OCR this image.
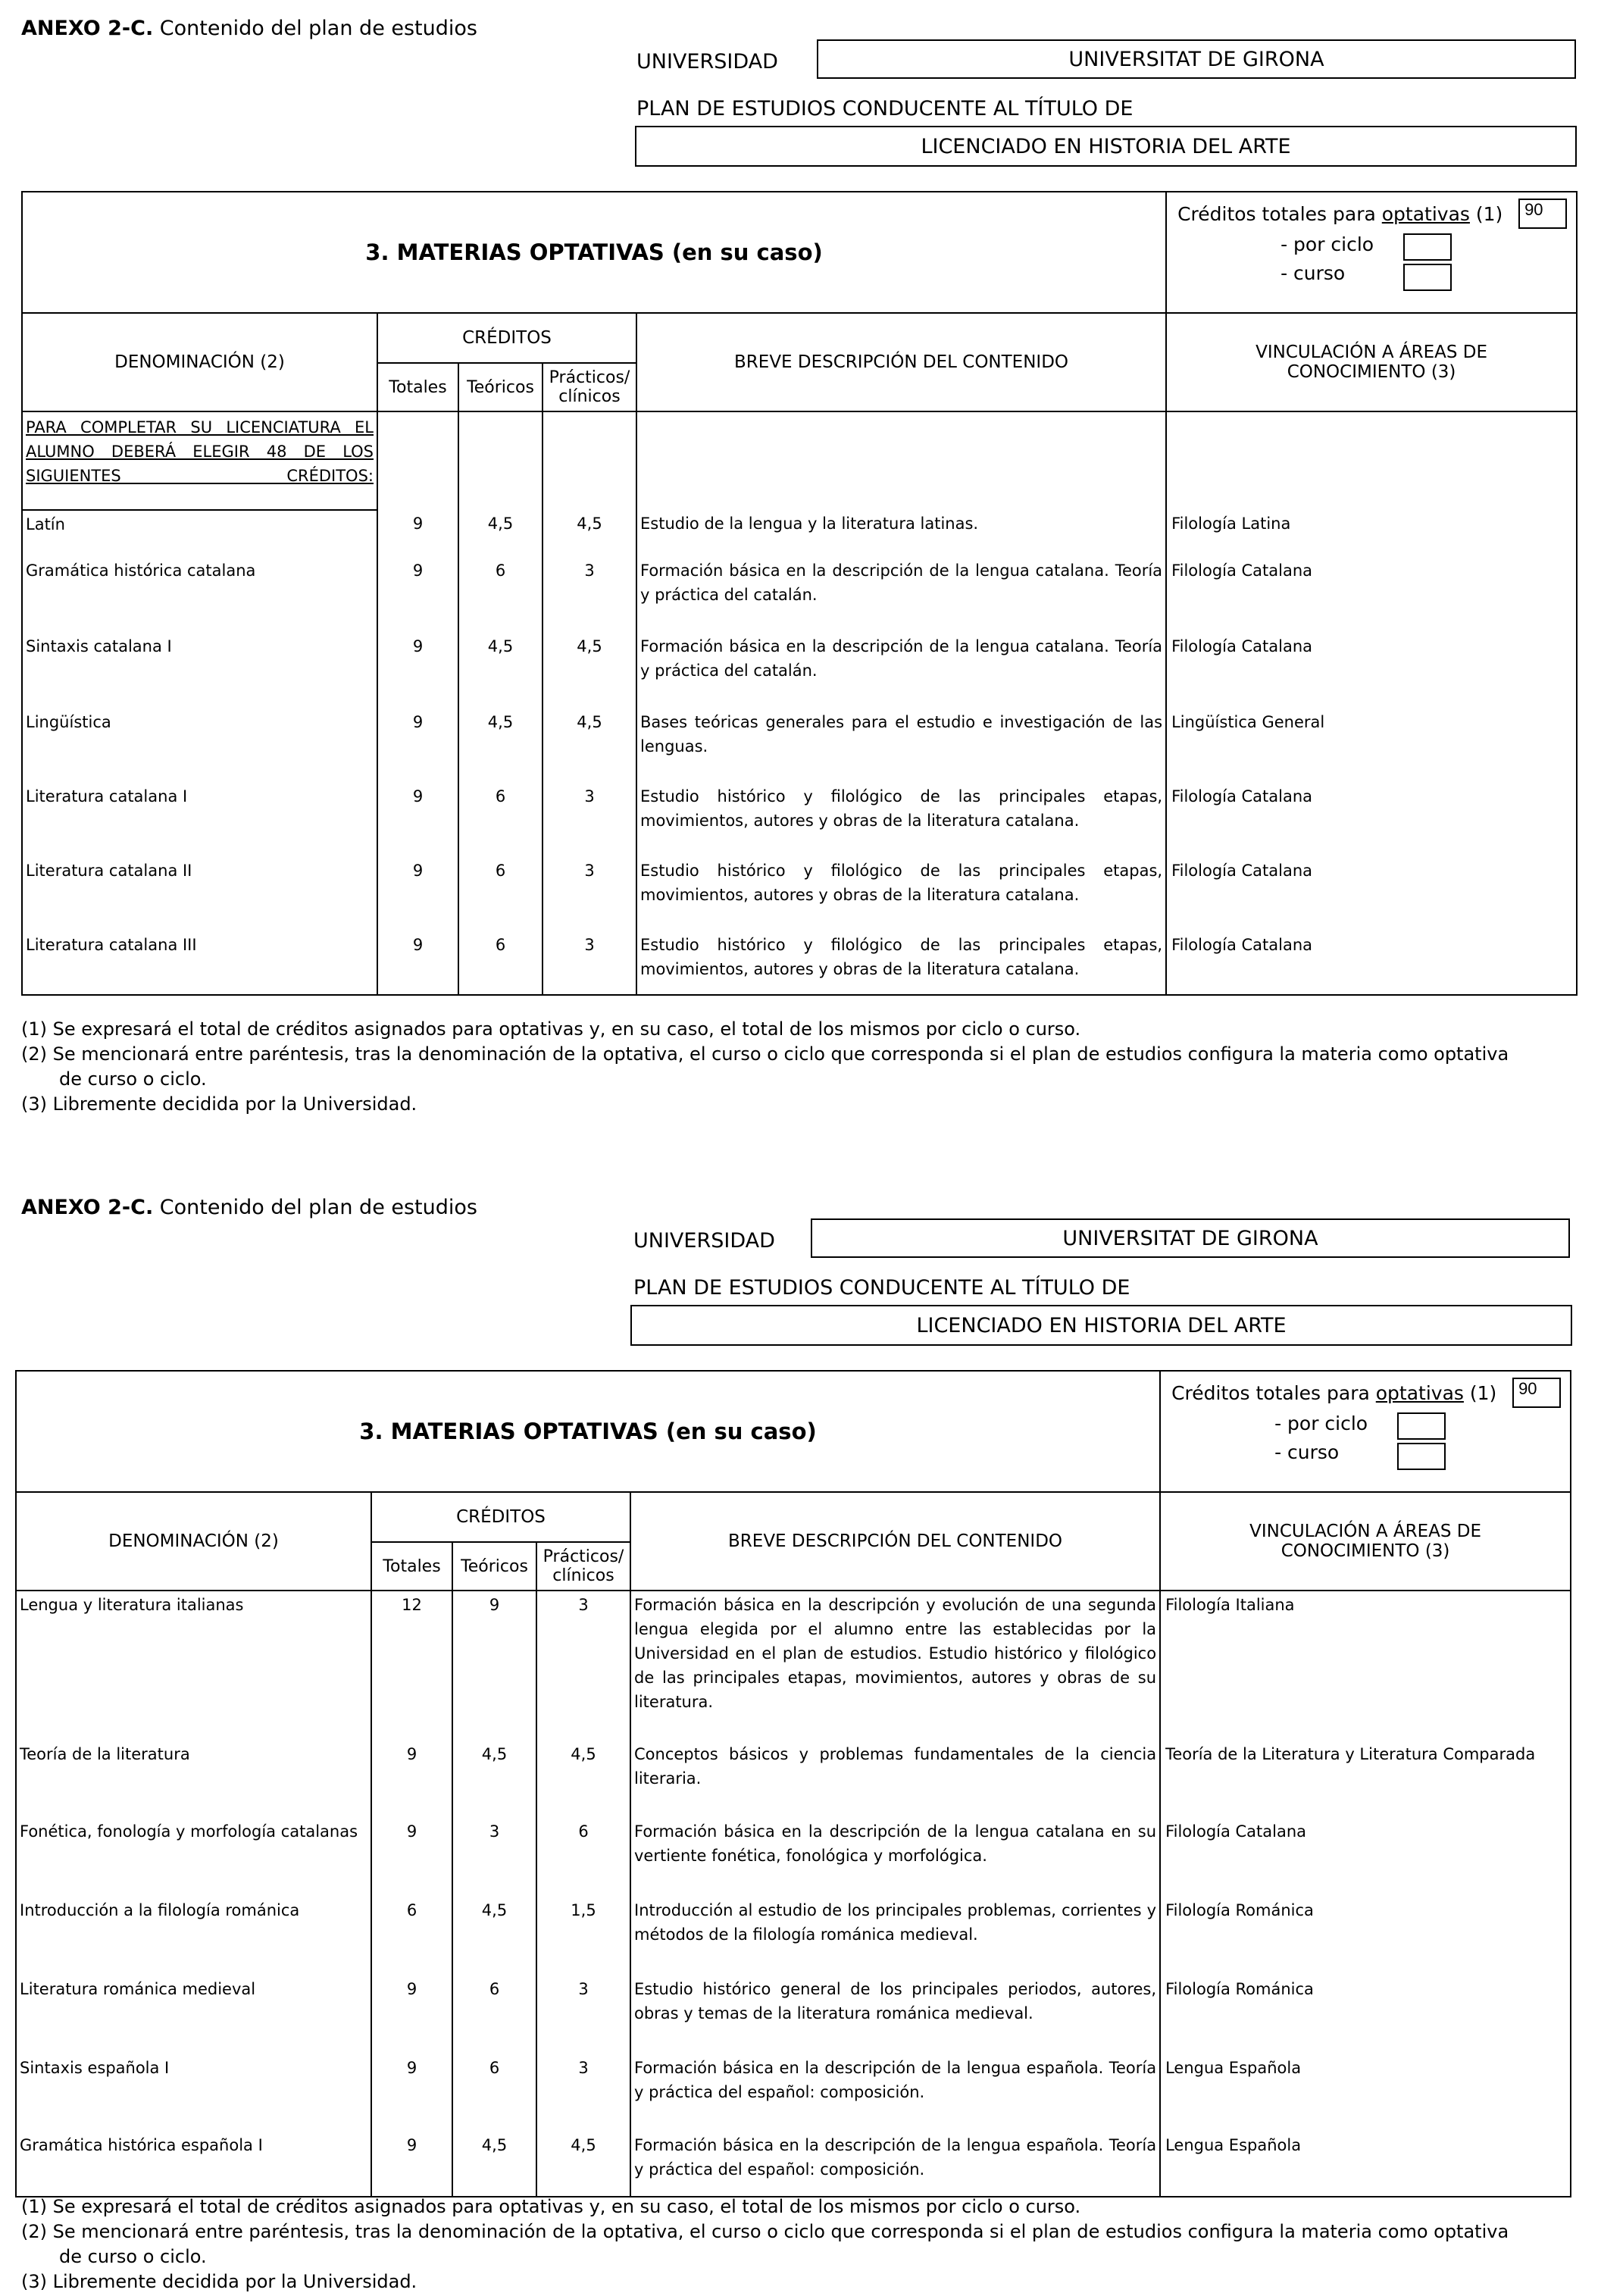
ANEXO 2-C. Contenido del plan de estudios
UNIVERSIDAD	UNIVERSITAT DE GIRONA
PLAN DE ESTUDIOS CONDUCENTE AL TÍTULO DE
LICENCIADO EN HISTORIA DEL ARTE
3. MATERIAS OPTATIVAS (en su caso)					Créditos totales para optativas (1) 90
- por ciclo
- curso

DENOMINACIÓN (2)	CRÉDITOS			BREVE DESCRIPCIÓN DEL CONTENIDO	VINCULACIÓN A ÁREAS DE
CONOCIMIENTO (3)
	Totales	Teóricos	Prácticos/
clínicos		
PARA COMPLETAR SU LICENCIATURA EL ALUMNO DEBERÁ ELEGIR 48 DE LOS SIGUIENTES CRÉDITOS:					
Latín	9	4,5	4,5	Estudio de la lengua y la literatura latinas.	Filología Latina
Gramática histórica catalana	9	6	3	Formación básica en la descripción de la lengua catalana. Teoría y práctica del catalán.	Filología Catalana
Sintaxis catalana I	9	4,5	4,5	Formación básica en la descripción de la lengua catalana. Teoría y práctica del catalán.	Filología Catalana
Lingüística	9	4,5	4,5	Bases teóricas generales para el estudio e investigación de las lenguas.	Lingüística General
Literatura catalana I	9	6	3	Estudio histórico y filológico de las principales etapas, movimientos, autores y obras de la literatura catalana.	Filología Catalana
Literatura catalana II	9	6	3	Estudio histórico y filológico de las principales etapas, movimientos, autores y obras de la literatura catalana.	Filología Catalana
Literatura catalana III	9	6	3	Estudio histórico y filológico de las principales etapas, movimientos, autores y obras de la literatura catalana.	Filología Catalana
(1) Se expresará el total de créditos asignados para optativas y, en su caso, el total de los mismos por ciclo o curso.
(2) Se mencionará entre paréntesis, tras la denominación de la optativa, el curso o ciclo que corresponda si el plan de estudios configura la materia como optativa
de curso o ciclo.
(3) Libremente decidida por la Universidad.
ANEXO 2-C. Contenido del plan de estudios
UNIVERSIDAD	UNIVERSITAT DE GIRONA
PLAN DE ESTUDIOS CONDUCENTE AL TÍTULO DE
LICENCIADO EN HISTORIA DEL ARTE
3. MATERIAS OPTATIVAS (en su caso)					Créditos totales para optativas (1) 90
- por ciclo
- curso

DENOMINACIÓN (2)	CRÉDITOS			BREVE DESCRIPCIÓN DEL CONTENIDO	VINCULACIÓN A ÁREAS DE
CONOCIMIENTO (3)
	Totales	Teóricos	Prácticos/
clínicos		
Lengua y literatura italianas	12	9	3	Formación básica en la descripción y evolución de una segunda lengua elegida por el alumno entre las establecidas por la Universidad en el plan de estudios. Estudio histórico y filológico de las principales etapas, movimientos, autores y obras de su literatura.	Filología Italiana
Teoría de la literatura	9	4,5	4,5	Conceptos básicos y problemas fundamentales de la ciencia literaria.	Teoría de la Literatura y Literatura Comparada
Fonética, fonología y morfología catalanas	9	3	6	Formación básica en la descripción de la lengua catalana en su vertiente fonética, fonológica y morfológica.	Filología Catalana
Introducción a la filología románica	6	4,5	1,5	Introducción al estudio de los principales problemas, corrientes y métodos de la filología románica medieval.	Filología Románica
Literatura románica medieval	9	6	3	Estudio histórico general de los principales periodos, autores, obras y temas de la literatura románica medieval.	Filología Románica
Sintaxis española I	9	6	3	Formación básica en la descripción de la lengua española. Teoría y práctica del español: composición.	Lengua Española
Gramática histórica española I	9	4,5	4,5	Formación básica en la descripción de la lengua española. Teoría y práctica del español: composición.	Lengua Española
(1) Se expresará el total de créditos asignados para optativas y, en su caso, el total de los mismos por ciclo o curso.
(2) Se mencionará entre paréntesis, tras la denominación de la optativa, el curso o ciclo que corresponda si el plan de estudios configura la materia como optativa
de curso o ciclo.
(3) Libremente decidida por la Universidad.
